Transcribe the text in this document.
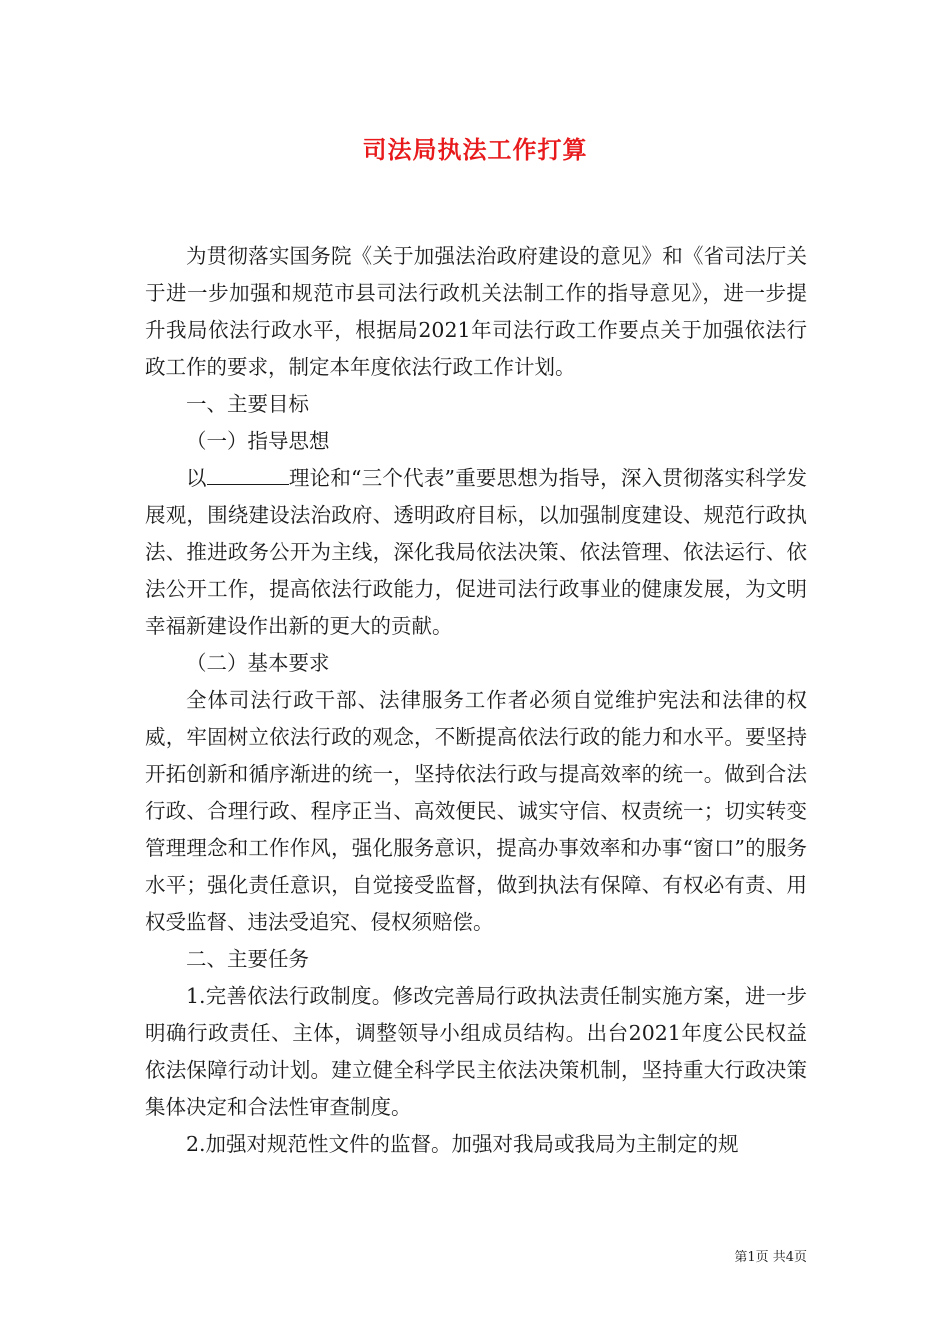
司法局执法工作打算

为贯彻落实国务院《关于加强法治政府建设的意见》和《省司法厅关于进一步加强和规范市县司法行政机关法制工作的指导意见》，进一步提升我局依法行政水平，根据局2021年司法行政工作要点关于加强依法行政工作的要求，制定本年度依法行政工作计划。

一、主要目标

（一）指导思想

以	理论和“三个代表”重要思想为指导，深入贯彻落实科学发展观，围绕建设法治政府、透明政府目标，以加强制度建设、规范行政执法、推进政务公开为主线，深化我局依法决策、依法管理、依法运行、依法公开工作，提高依法行政能力，促进司法行政事业的健康发展，为文明幸福新建设作出新的更大的贡献。

（二）基本要求

全体司法行政干部、法律服务工作者必须自觉维护宪法和法律的权威，牢固树立依法行政的观念，不断提高依法行政的能力和水平。要坚持开拓创新和循序渐进的统一，坚持依法行政与提高效率的统一。做到合法行政、合理行政、程序正当、高效便民、诚实守信、权责统一；切实转变管理理念和工作作风，强化服务意识，提高办事效率和办事“窗口”的服务水平；强化责任意识，自觉接受监督，做到执法有保障、有权必有责、用权受监督、违法受追究、侵权须赔偿。

二、主要任务

1.完善依法行政制度。修改完善局行政执法责任制实施方案，进一步明确行政责任、主体，调整领导小组成员结构。出台2021年度公民权益依法保障行动计划。建立健全科学民主依法决策机制，坚持重大行政决策集体决定和合法性审查制度。

2.加强对规范性文件的监督。加强对我局或我局为主制定的规

第1页 共4页
